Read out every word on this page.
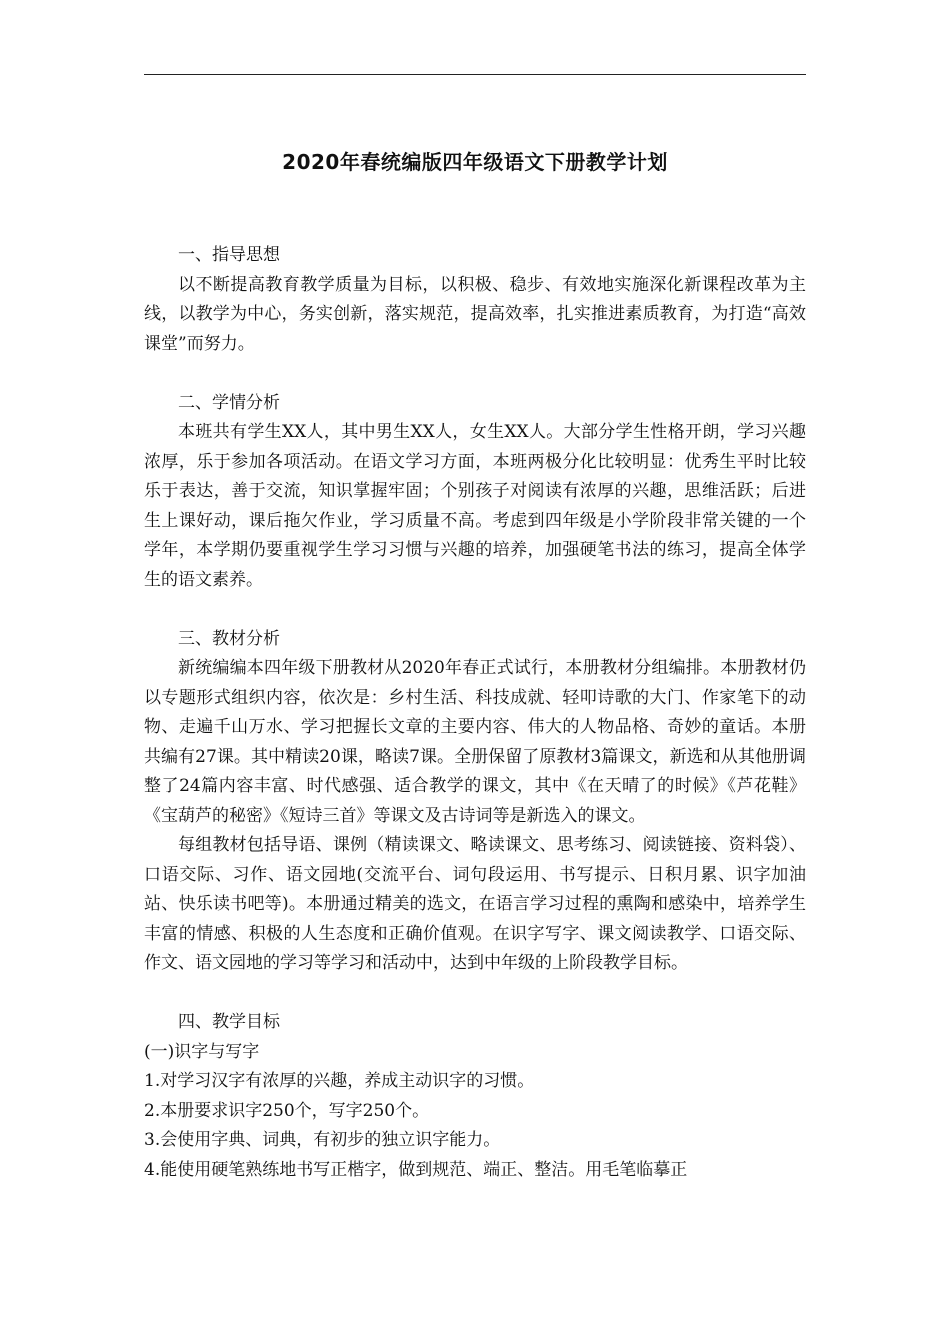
2020年春统编版四年级语文下册教学计划

一、指导思想

以不断提高教育教学质量为目标，以积极、稳步、有效地实施深化新课程改革为主线，以教学为中心，务实创新，落实规范，提高效率，扎实推进素质教育，为打造“高效课堂”而努力。

二、学情分析

本班共有学生XX人，其中男生XX人，女生XX人。大部分学生性格开朗，学习兴趣浓厚，乐于参加各项活动。在语文学习方面，本班两极分化比较明显：优秀生平时比较乐于表达，善于交流，知识掌握牢固；个别孩子对阅读有浓厚的兴趣，思维活跃；后进生上课好动，课后拖欠作业，学习质量不高。考虑到四年级是小学阶段非常关键的一个学年，本学期仍要重视学生学习习惯与兴趣的培养，加强硬笔书法的练习，提高全体学生的语文素养。

三、教材分析

新统编编本四年级下册教材从2020年春正式试行，本册教材分组编排。本册教材仍以专题形式组织内容，依次是：乡村生活、科技成就、轻叩诗歌的大门、作家笔下的动物、走遍千山万水、学习把握长文章的主要内容、伟大的人物品格、奇妙的童话。本册共编有27课。其中精读20课，略读7课。全册保留了原教材3篇课文，新选和从其他册调整了24篇内容丰富、时代感强、适合教学的课文，其中《在天晴了的时候》《芦花鞋》《宝葫芦的秘密》《短诗三首》等课文及古诗词等是新选入的课文。

每组教材包括导语、课例（精读课文、略读课文、思考练习、阅读链接、资料袋）、口语交际、习作、语文园地(交流平台、词句段运用、书写提示、日积月累、识字加油站、快乐读书吧等)。本册通过精美的选文，在语言学习过程的熏陶和感染中，培养学生丰富的情感、积极的人生态度和正确价值观。在识字写字、课文阅读教学、口语交际、作文、语文园地的学习等学习和活动中，达到中年级的上阶段教学目标。

四、教学目标

(一)识字与写字

1.对学习汉字有浓厚的兴趣，养成主动识字的习惯。

2.本册要求识字250个，写字250个。

3.会使用字典、词典，有初步的独立识字能力。

4.能使用硬笔熟练地书写正楷字，做到规范、端正、整洁。用毛笔临摹正
